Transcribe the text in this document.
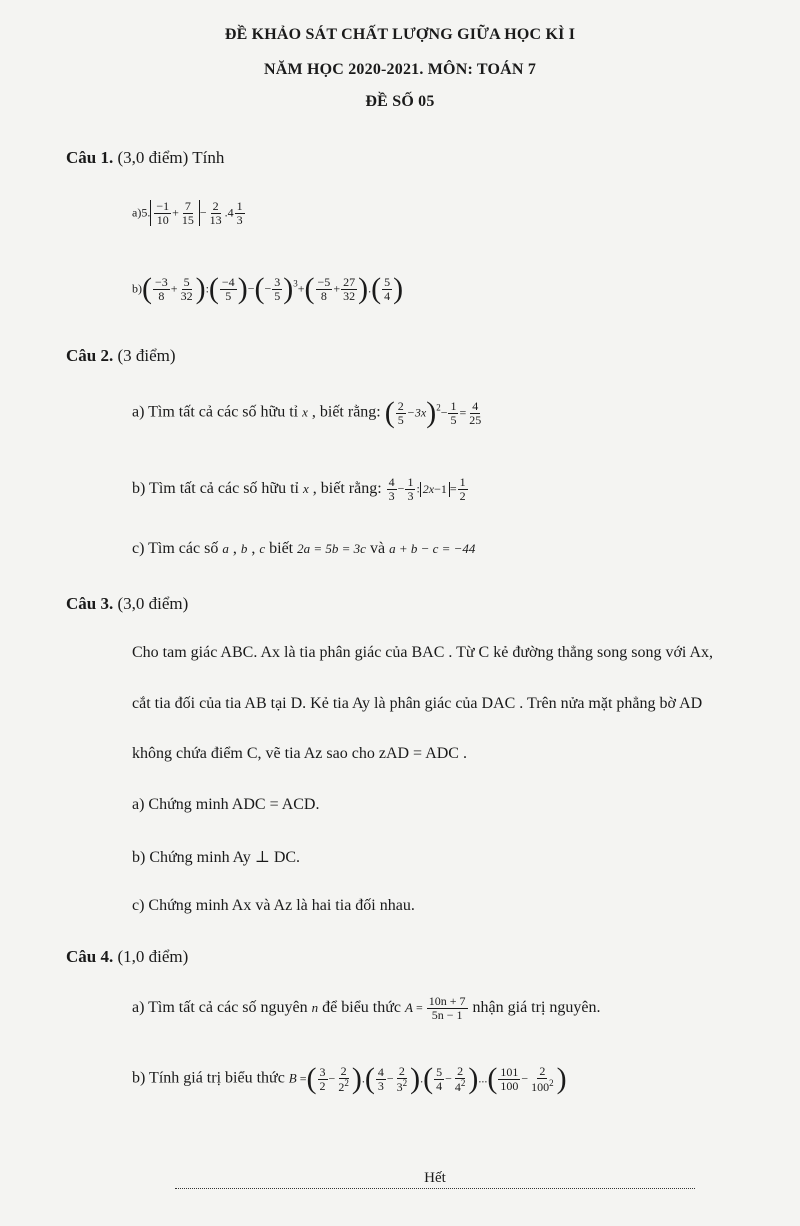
ĐỀ KHẢO SÁT CHẤT LƯỢNG GIỮA HỌC KÌ I
NĂM HỌC 2020-2021. MÔN: TOÁN 7
ĐỀ SỐ 05
Câu 1. (3,0 điểm) Tính
a)5. $\frac{-1}{10} + \frac{7}{15} - \frac{2}{13} .4 \frac{1}{3}$
$b)( \frac{-3}{8} + \frac{5}{32}$ ):( $\frac{-4}{5}$ )−(− $\frac{3}{5} )^3+( \frac{-5}{8} + \frac{27}{32}$ ).( $\frac{5}{4}$ )
Câu 2. (3 điểm)
a) Tìm tất cả các số hữu tỉ x , biết rằng: ( $\frac{2}{5} -3x)^2- \frac{1}{5} = \frac{4}{25}$
b) Tìm tất cả các số hữu tỉ x , biết rằng: $\frac{4}{3} - \frac{1}{3}$ : $2x-1 = \frac{1}{2}$
c) Tìm các số a , b , c biết 2a = 5b = 3c và a + b − c = −44
Câu 3. (3,0 điểm)
Cho tam giác ABC. Ax là tia phân giác của BAC . Từ C kẻ đường thẳng song song với Ax,
cắt tia đối của tia AB tại D. Kẻ tia Ay là phân giác của DAC . Trên nửa mặt phẳng bờ AD
không chứa điểm C, vẽ tia Az sao cho zAD = ADC .
a) Chứng minh ADC = ACD.
b) Chứng minh Ay ⊥ DC.
c) Chứng minh Ax và Az là hai tia đối nhau.
Câu 4. (1,0 điểm)
a) Tìm tất cả các số nguyên n để biểu thức $A = \frac{10n + 7}{5n - 1}$ nhận giá trị nguyên.
b) Tính giá trị biểu thức B =( $\frac{3}{2} - \frac{2}{2^2}$ ).( $\frac{4}{3} - \frac{2}{3^2}$ ).( $\frac{5}{4} - \frac{2}{4^2}$ )...( $\frac{101}{100} - \frac{2}{100^2}$ )
Hết
